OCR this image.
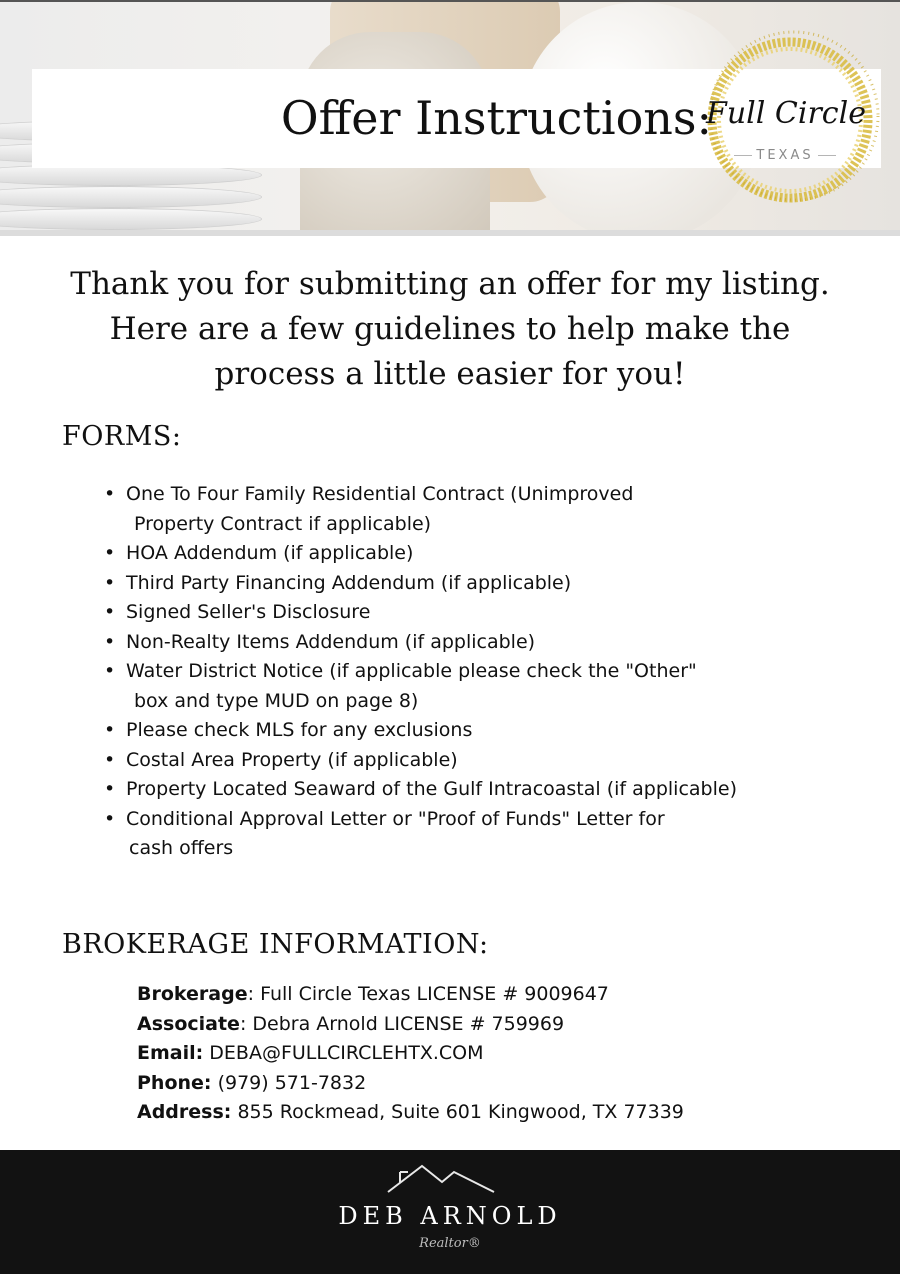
Offer Instructions:
Full Circle
TEXAS
Thank you for submitting an offer for my listing.
Here are a few guidelines to help make the
process a little easier for you!
FORMS:
• One To Four Family Residential Contract (Unimproved
Property Contract if applicable)
• HOA Addendum (if applicable)
• Third Party Financing Addendum (if applicable)
• Signed Seller's Disclosure
• Non-Realty Items Addendum (if applicable)
• Water District Notice (if applicable please check the "Other"
box and type MUD on page 8)
• Please check MLS for any exclusions
• Costal Area Property (if applicable)
• Property Located Seaward of the Gulf Intracoastal (if applicable)
• Conditional Approval Letter or "Proof of Funds" Letter for
cash offers
BROKERAGE INFORMATION:
Brokerage: Full Circle Texas LICENSE # 9009647
Associate: Debra Arnold LICENSE # 759969
Email: DEBA@FULLCIRCLEHTX.COM
Phone: (979) 571-7832
Address: 855 Rockmead, Suite 601 Kingwood, TX 77339
DEB ARNOLD
Realtor®
